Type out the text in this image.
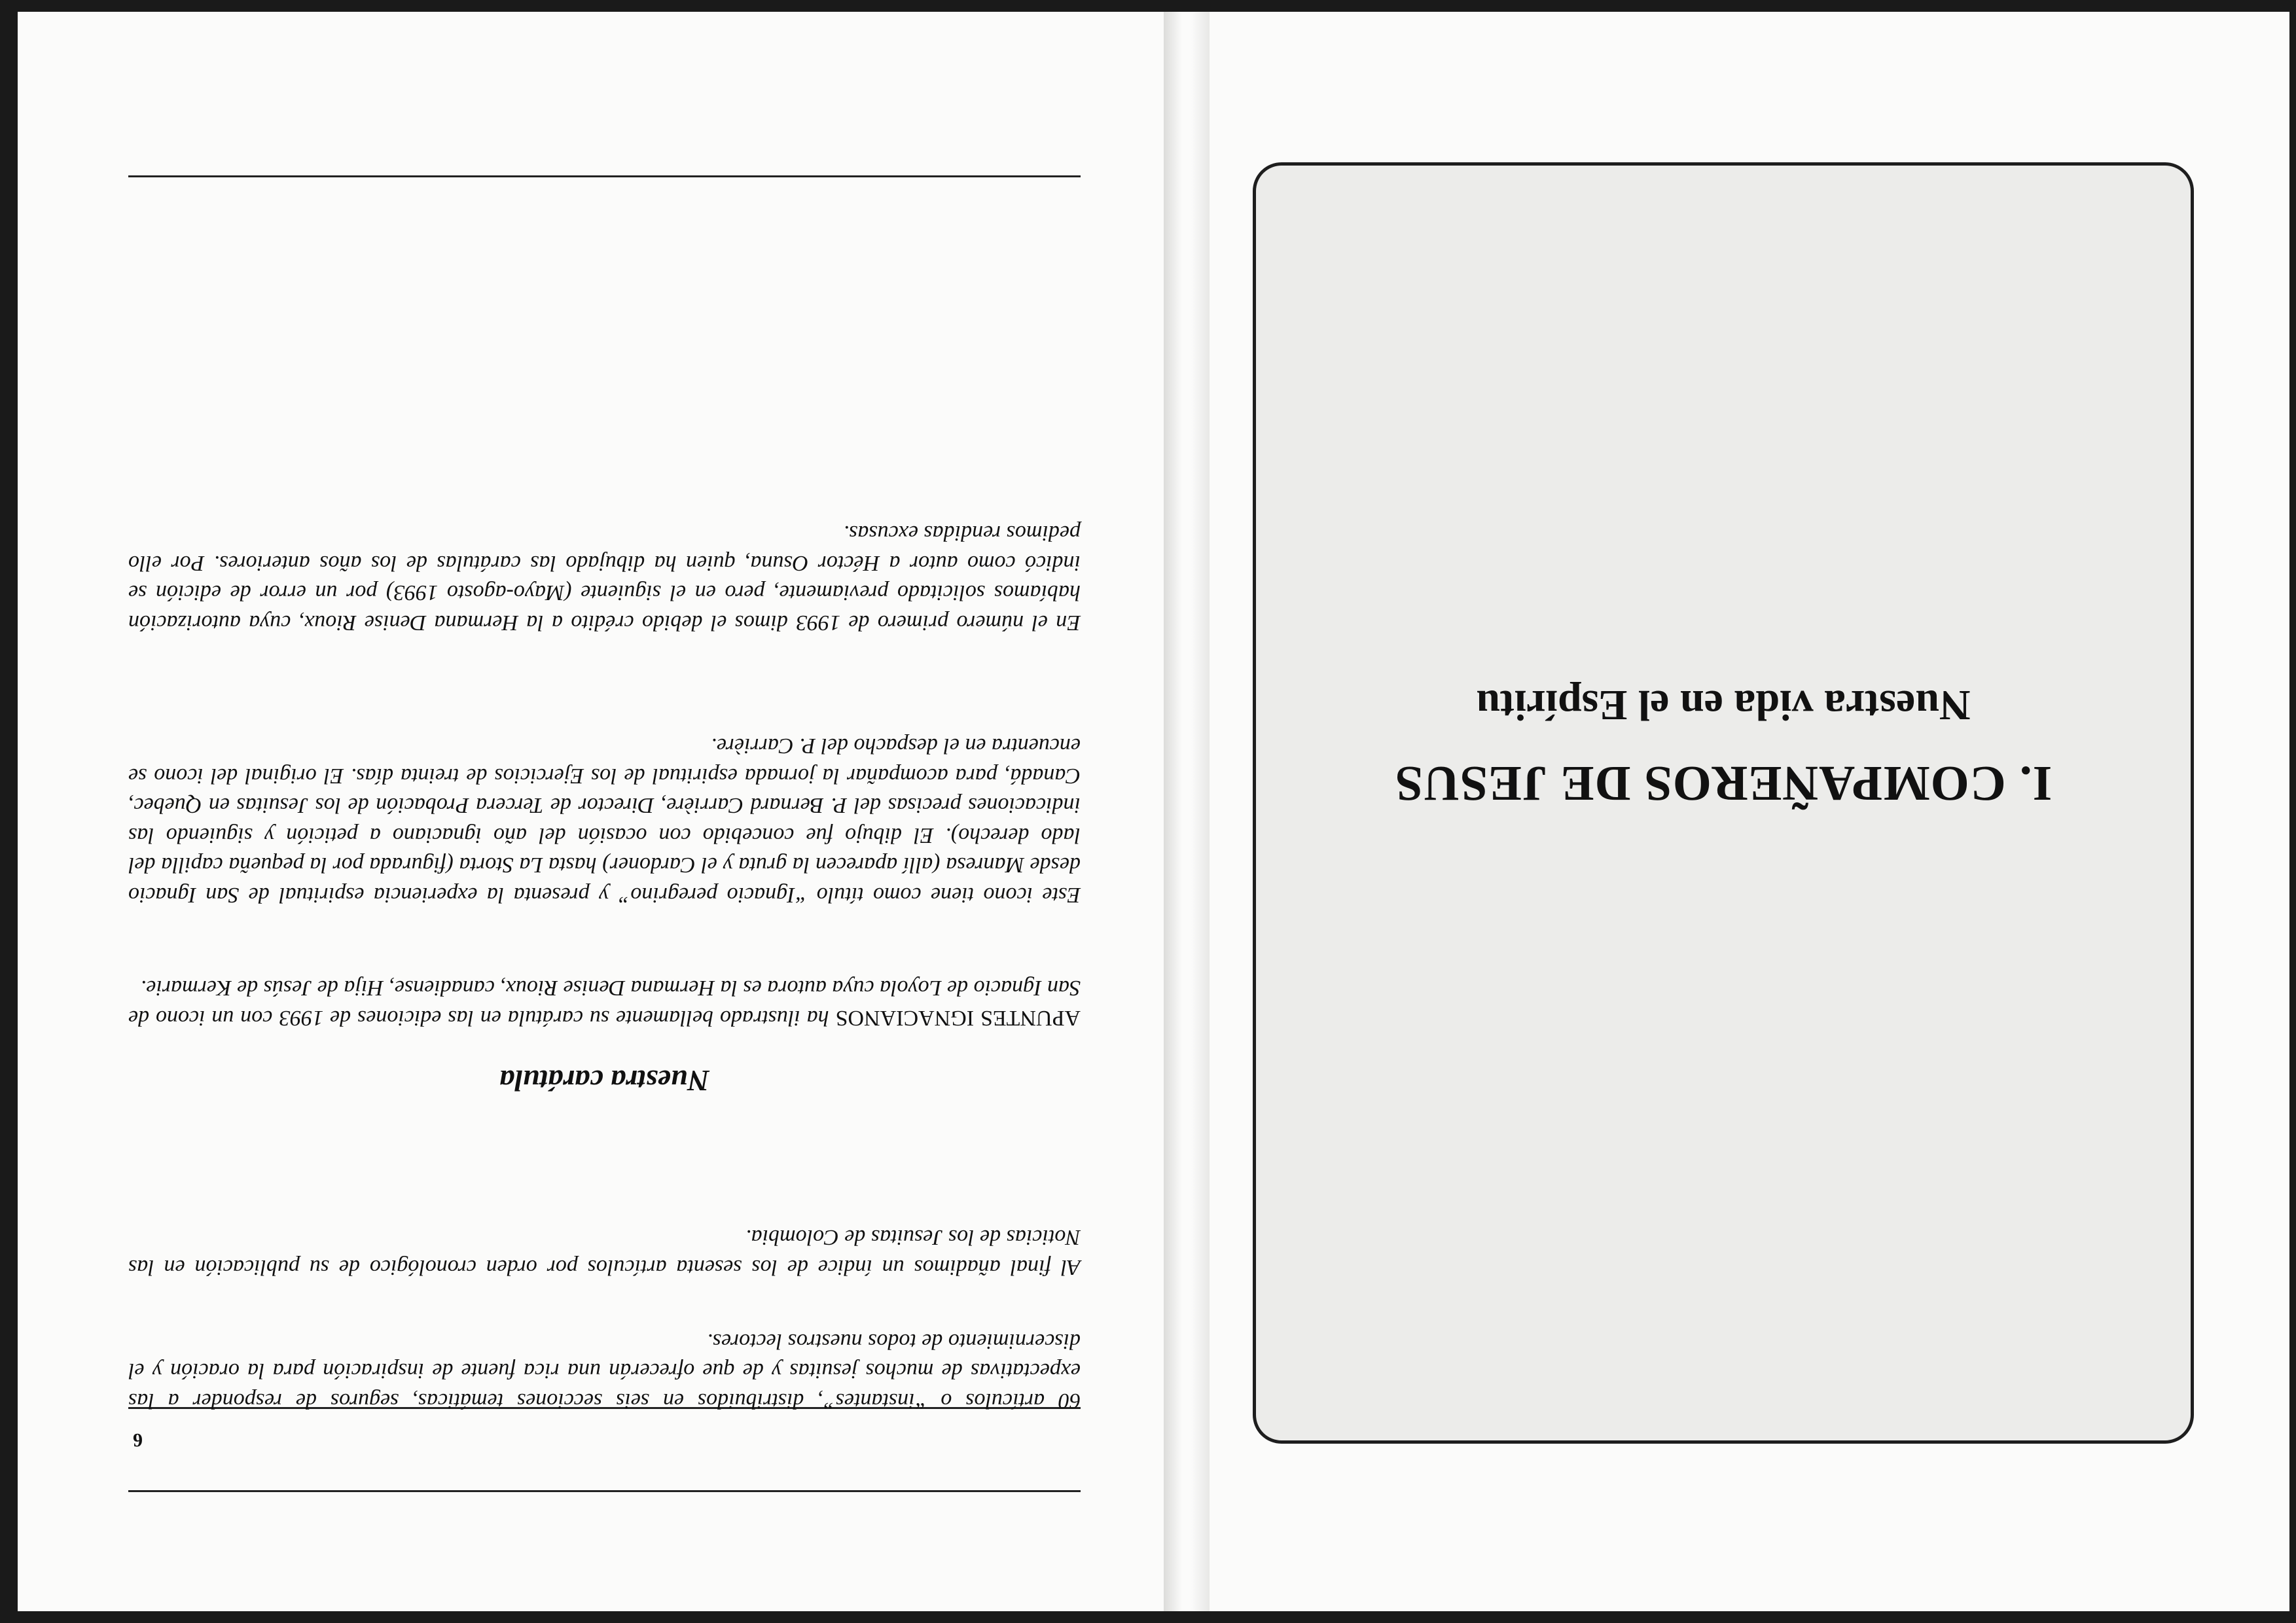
I. COMPAÑEROS DE JESUS
Nuestra vida en el Espíritu
6

60 artículos o “instantes”, distribuidos en seis secciones temáticas, seguros de responder a las expectativas de muchos jesuitas y de que ofrecerán una rica fuente de inspiración para la oración y el discernimiento de todos nuestros lectores.

Al final añadimos un índice de los sesenta artículos por orden cronológico de su publicación en las Noticias de los Jesuitas de Colombia.

Nuestra carátula

APUNTES IGNACIANOS ha ilustrado bellamente su carátula en las ediciones de 1993 con un icono de San Ignacio de Loyola cuya autora es la Hermana Denise Rioux, canadiense, Hija de Jesús de Kermarie.

Este icono tiene como título “Ignacio peregrino” y presenta la experiencia espiritual de San Ignacio desde Manresa (allí aparecen la gruta y el Cardoner) hasta La Storta (figurada por la pequeña capilla del lado derecho). El dibujo fue concebido con ocasión del año ignaciano a petición y siguiendo las indicaciones precisas del P. Bernard Carrière, Director de Tercera Probación de los Jesuitas en Quebec, Canadá, para acompañar la jornada espiritual de los Ejercicios de treinta días. El original del icono se encuentra en el despacho del P. Carrière.

En el número primero de 1993 dimos el debido crédito a la Hermana Denise Rioux, cuya autorización habíamos solicitado previamente, pero en el siguiente (Mayo-agosto 1993) por un error de edición se indicó como autor a Héctor Osuna, quien ha dibujado las carátulas de los años anteriores. Por ello pedimos rendidas excusas.
